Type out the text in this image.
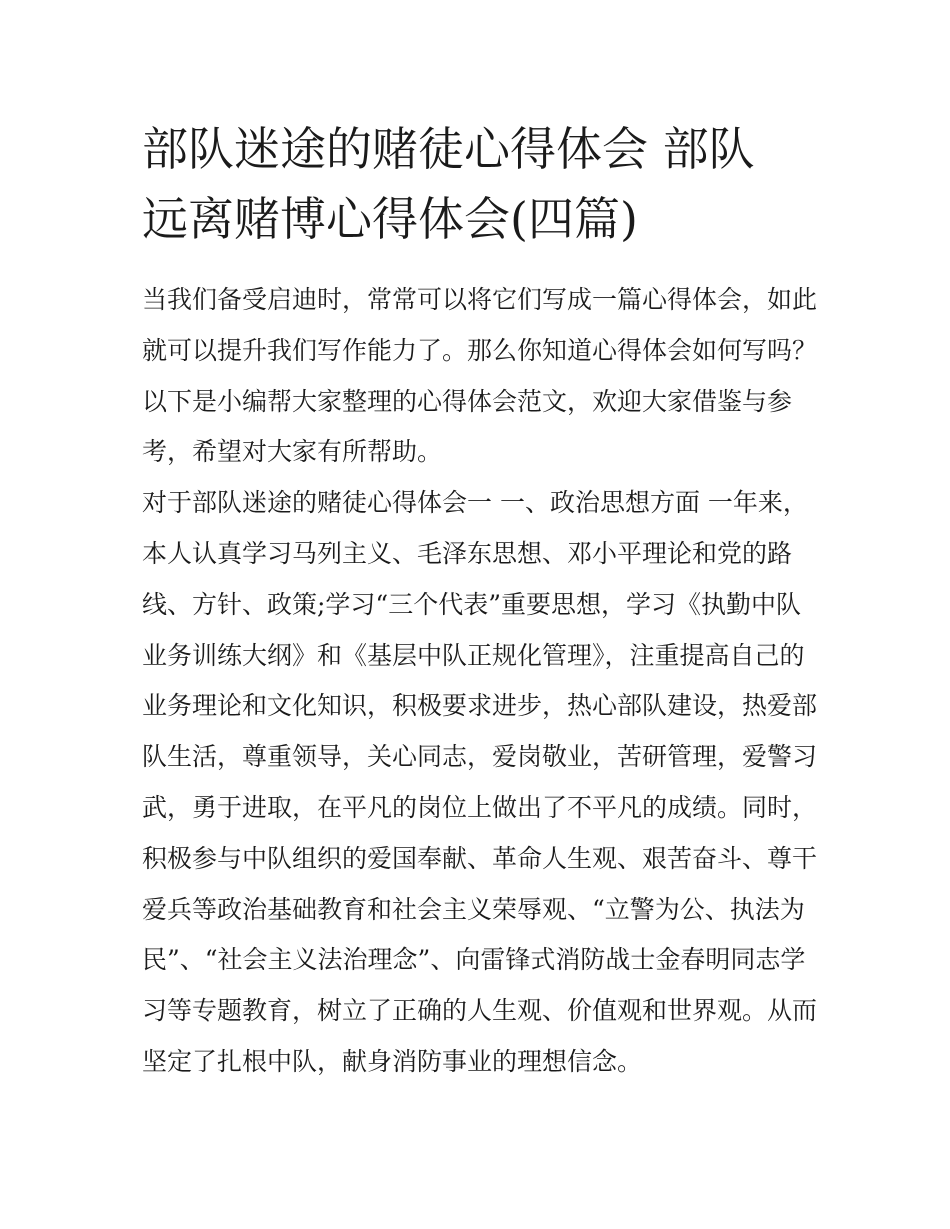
部队迷途的赌徒心得体会 部队
远离赌博心得体会(四篇)

当我们备受启迪时，常常可以将它们写成一篇心得体会，如此
就可以提升我们写作能力了。那么你知道心得体会如何写吗？
以下是小编帮大家整理的心得体会范文，欢迎大家借鉴与参
考，希望对大家有所帮助。

对于部队迷途的赌徒心得体会一 一、政治思想方面 一年来，
本人认真学习马列主义、毛泽东思想、邓小平理论和党的路
线、方针、政策;学习“三个代表”重要思想，学习《执勤中队
业务训练大纲》和《基层中队正规化管理》，注重提高自己的
业务理论和文化知识，积极要求进步，热心部队建设，热爱部
队生活，尊重领导，关心同志，爱岗敬业，苦研管理，爱警习
武，勇于进取，在平凡的岗位上做出了不平凡的成绩。同时，
积极参与中队组织的爱国奉献、革命人生观、艰苦奋斗、尊干
爱兵等政治基础教育和社会主义荣辱观、“立警为公、执法为
民”、“社会主义法治理念”、向雷锋式消防战士金春明同志学
习等专题教育，树立了正确的人生观、价值观和世界观。从而
坚定了扎根中队，献身消防事业的理想信念。
